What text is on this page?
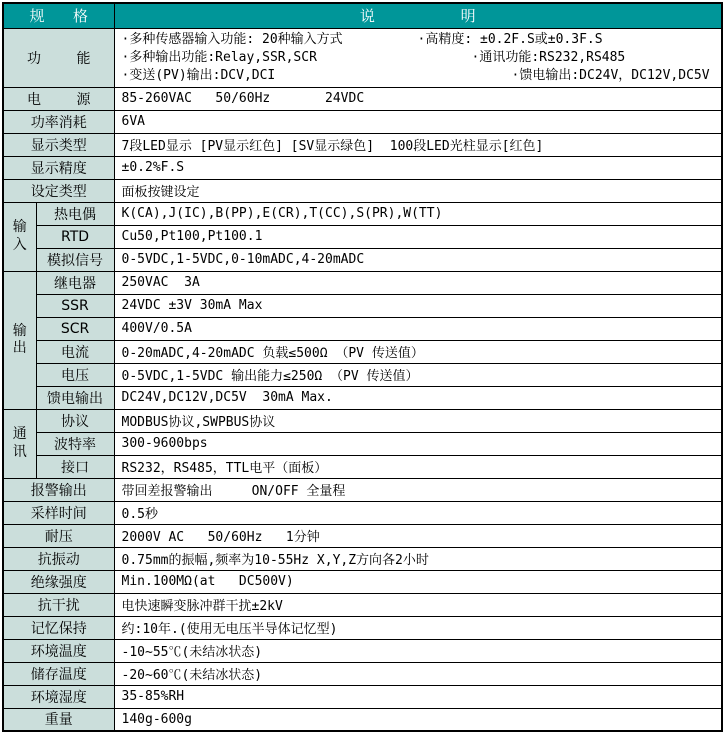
规      格		说                  明
功        能	
·多种传感器输入功能: 20种输入方式	·高精度: ±0.2F.S或±0.3F.S
·多种输出功能:Relay,SSR,SCR	·通讯功能:RS232,RS485
·变送(PV)输出:DCV,DCI	·馈电输出:DC24V，DC12V,DC5V

电        源		85-260VAC   50/60Hz       24VDC
功率消耗		6VA
显示类型		7段LED显示 [PV显示红色] [SV显示绿色]  100段LED光柱显示[红色]
显示精度		±0.2%F.S
设定类型		面板按键设定
输入	热电偶	K(CA),J(IC),B(PP),E(CR),T(CC),S(PR),W(TT)
	RTD	Cu50,Pt100,Pt100.1
	模拟信号	0-5VDC,1-5VDC,0-10mADC,4-20mADC
输出	继电器	250VAC  3A
	SSR	24VDC ±3V 30mA Max
	SCR	400V/0.5A
	电流	0-20mADC,4-20mADC 负载≤500Ω （PV 传送值）
	电压	0-5VDC,1-5VDC 输出能力≤250Ω （PV 传送值）
	馈电输出	DC24V,DC12V,DC5V  30mA Max.
通讯	协议	MODBUS协议,SWPBUS协议
	波特率	300-9600bps
	接口	RS232，RS485，TTL电平（面板）
报警输出		带回差报警输出     ON/OFF 全量程
采样时间		0.5秒
耐压		2000V AC   50/60Hz   1分钟
抗振动		0.75mm的振幅,频率为10-55Hz X,Y,Z方向各2小时
绝缘强度		Min.100MΩ(at   DC500V)
抗干扰		电快速瞬变脉冲群干扰±2kV
记忆保持		约:10年.(使用无电压半导体记忆型)
环境温度		-10~55℃(未结冰状态)
储存温度		-20~60℃(未结冰状态)
环境湿度		35-85%RH
重量		140g-600g
